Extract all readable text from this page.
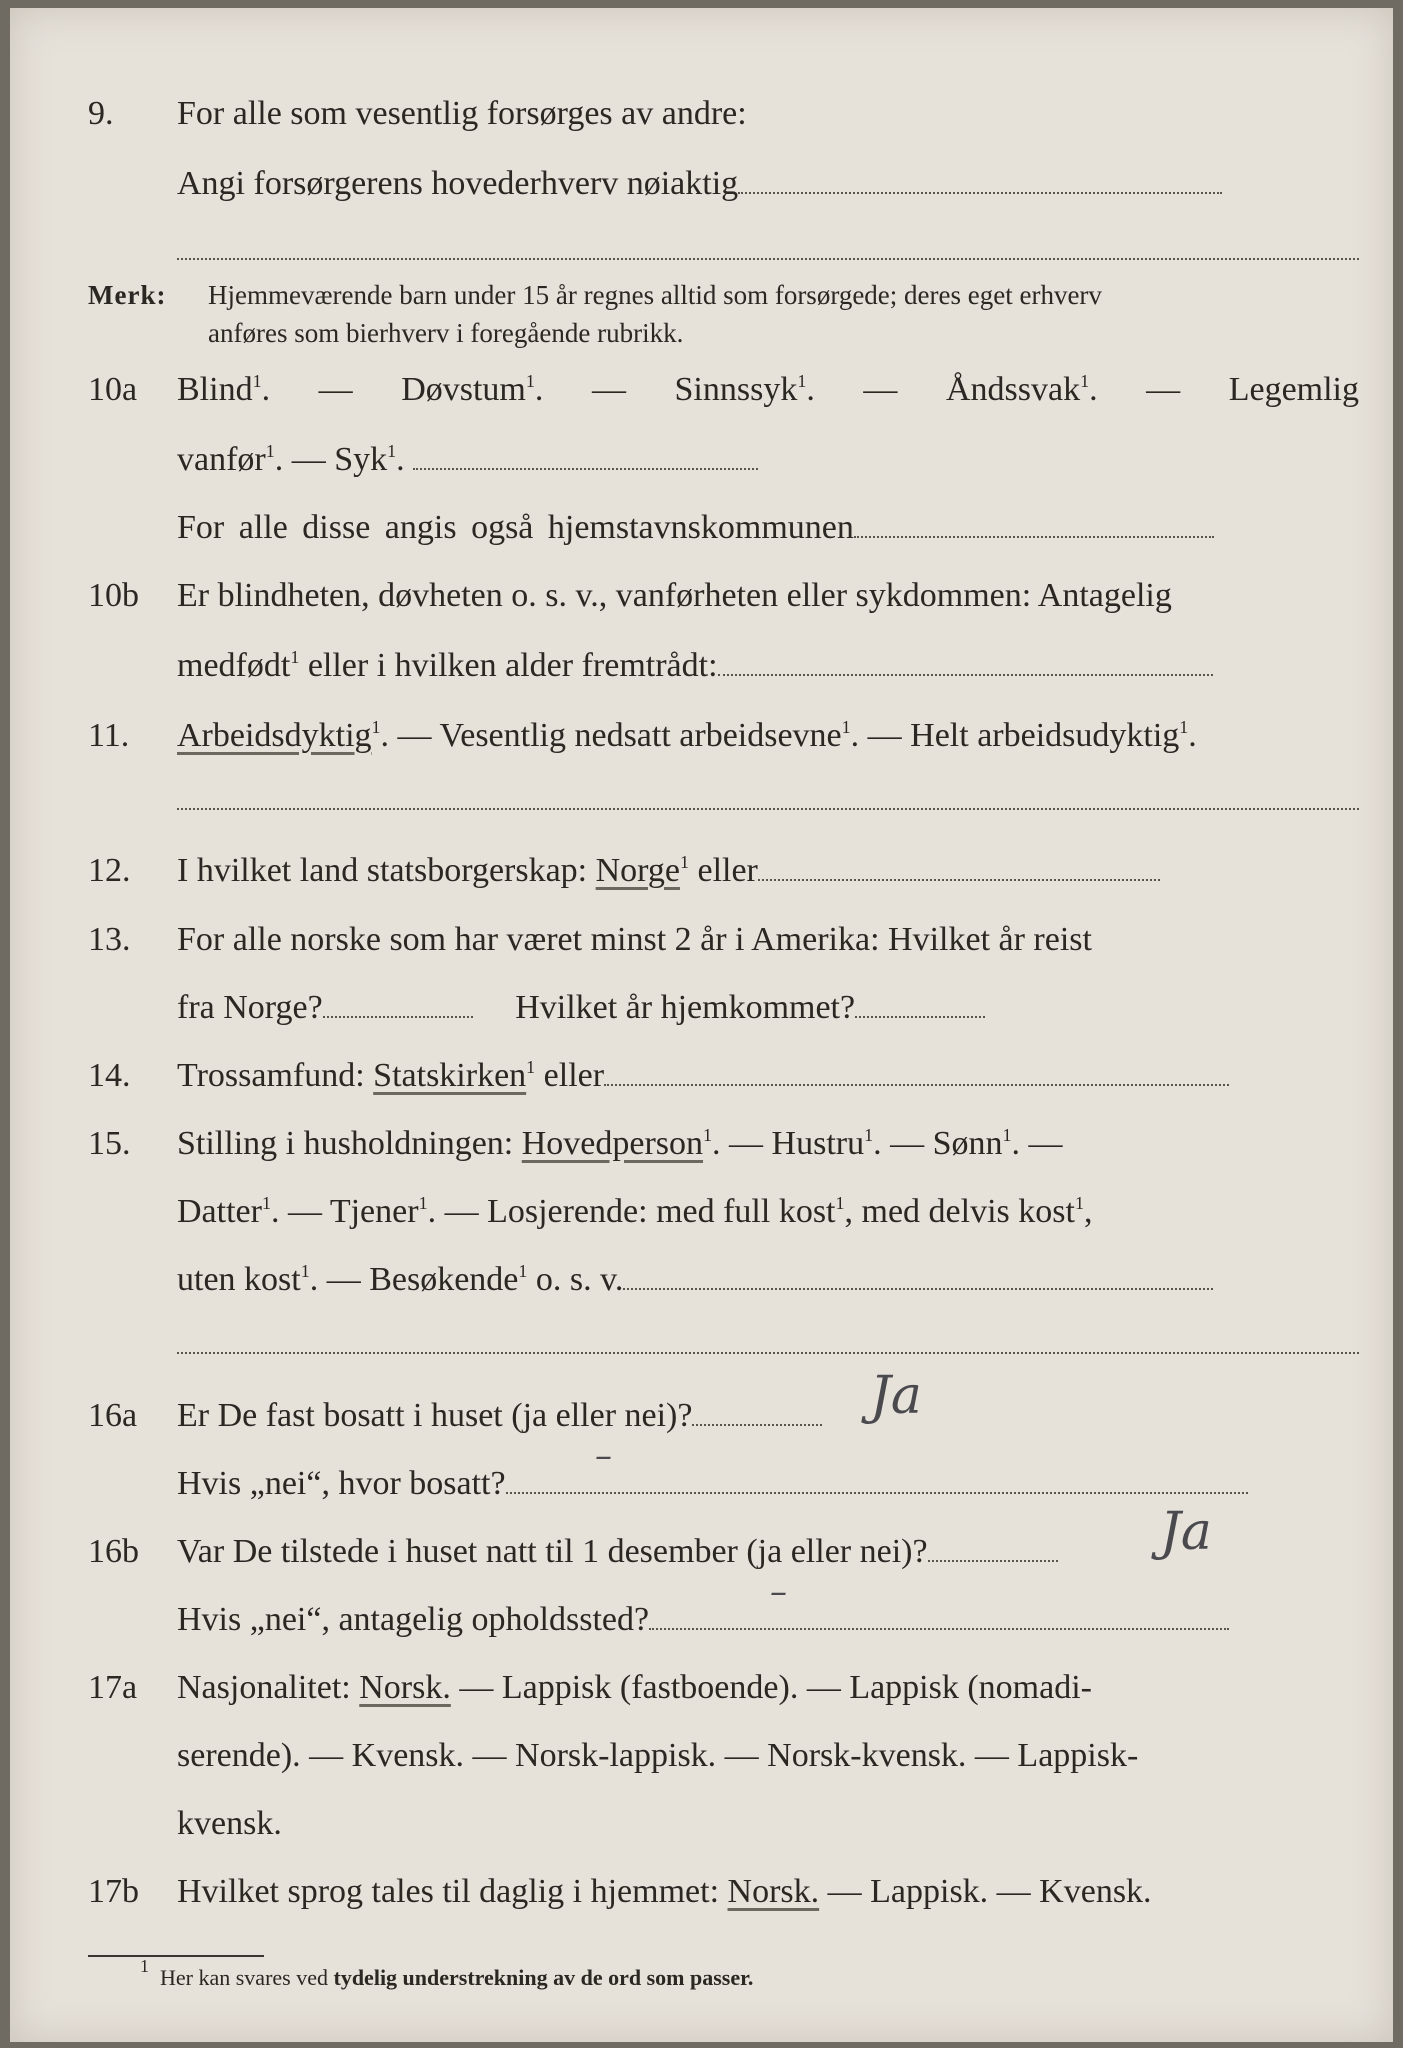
9. For alle som vesentlig forsørges av andre:
Angi forsørgerens hovederhverv nøiaktig
Merk: Hjemmeværende barn under 15 år regnes alltid som forsørgede; deres eget erhverv
anføres som bierhverv i foregående rubrikk.
10a Blind$^1$. — Døvstum$^1$. — Sinnssyk$^1$. — Åndssvak$^1$. — Legemlig
vanfør$^1$. — Syk$^1$.
For alle disse angis også hjemstavnskommunen
10b Er blindheten, døvheten o. s. v., vanførheten eller sykdommen: Antagelig
medfødt$^1$ eller i hvilken alder fremtrådt:
11. Arbeidsdyktig$^1$. — Vesentlig nedsatt arbeidsevne$^1$. — Helt arbeidsudyktig$^1$.
12. I hvilket land statsborgerskap: Norge$^1$ eller
13. For alle norske som har været minst 2 år i Amerika: Hvilket år reist
fra Norge?	Hvilket år hjemkommet?
14. Trossamfund: Statskirken$^1$ eller
15. Stilling i husholdningen: Hovedperson$^1$. — Hustru$^1$. — Sønn$^1$. —
Datter$^1$. — Tjener$^1$. — Losjerende: med full kost$^1$, med delvis kost$^1$,
uten kost$^1$. — Besøkende$^1$ o. s. v.
16a Er De fast bosatt i huset (ja eller nei)?	Ja
Hvis „nei“, hvor bosatt?
–
16b Var De tilstede i huset natt til 1 desember (ja eller nei)?	Ja
Hvis „nei“, antagelig opholdssted?
–
17a Nasjonalitet: Norsk. — Lappisk (fastboende). — Lappisk (nomadi-
serende). — Kvensk. — Norsk-lappisk. — Norsk-kvensk. — Lappisk-
kvensk.
17b Hvilket sprog tales til daglig i hjemmet: Norsk. — Lappisk. — Kvensk.
$^1$ Her kan svares ved tydelig understrekning av de ord som passer.
